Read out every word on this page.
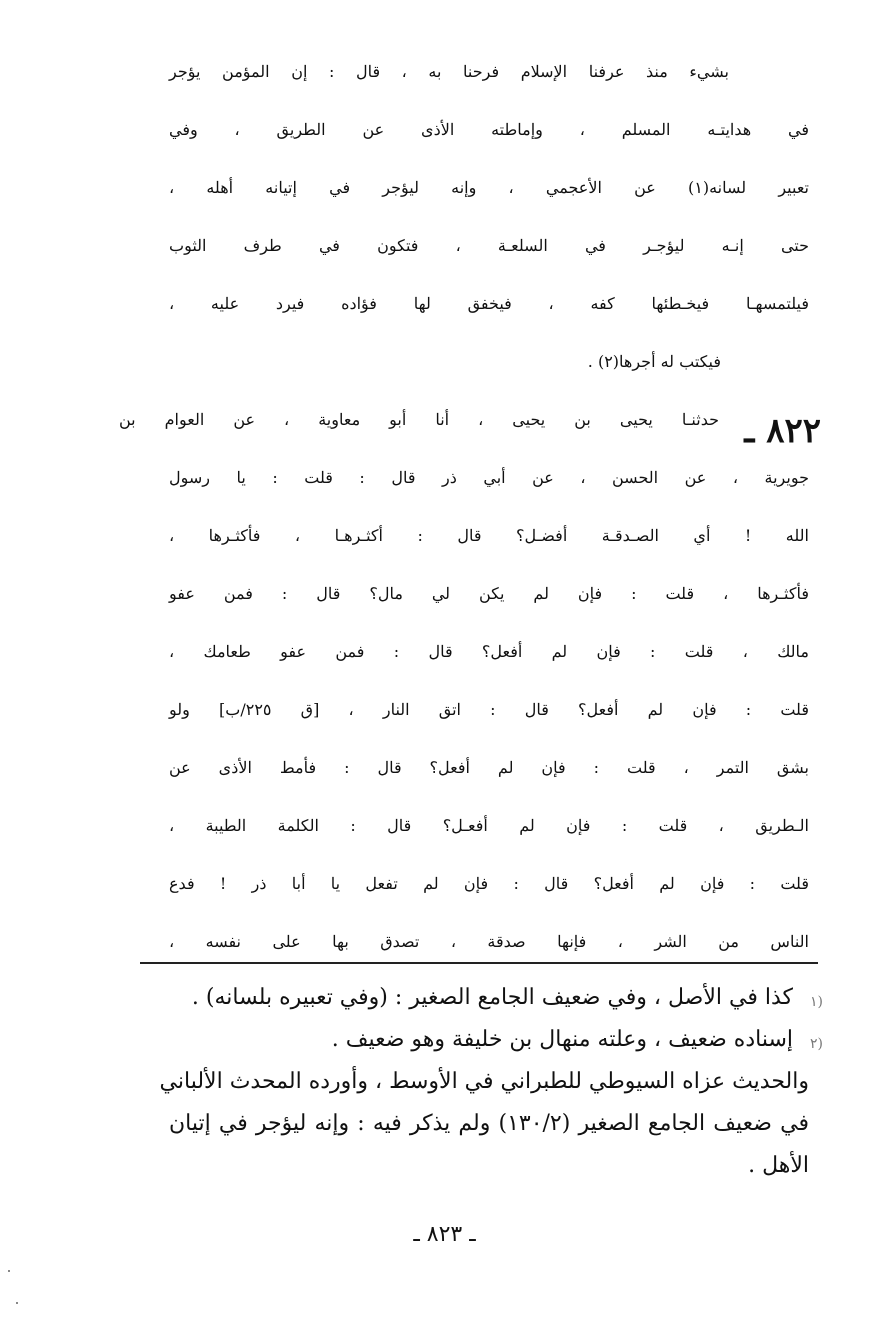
بشيء منذ عرفنا الإسلام فرحنا به ، قال : إن المؤمن يؤجر
في هدايتـه المسلم ، وإماطته الأذى عن الطريق ، وفي
تعبير لسانه(١) عن الأعجمي ، وإنه ليؤجر في إتيانه أهله ،
حتى إنـه ليؤجـر في السلعـة ، فتكون في طرف الثوب
فيلتمسهـا فيخـطئها كفه ، فيخفق لها فؤاده فيرد عليه ،
فيكتب له أجرها(٢) .
٨٢٢ ـ
حدثنـا يحيى بن يحيى ، أنا أبو معاوية ، عن العوام بن
جويرية ، عن الحسن ، عن أبي ذر قال : قلت : يا رسول
الله ! أي الصـدقـة أفضـل؟ قال : أكثـرهـا ، فأكثـرها ،
فأكثـرها ، قلت : فإن لم يكن لي مال؟ قال : فمن عفو
مالك ، قلت : فإن لم أفعل؟ قال : فمن عفو طعامك ،
قلت : فإن لم أفعل؟ قال : اتق النار ، [ق ٢٢٥/ب] ولو
بشق التمر ، قلت : فإن لم أفعل؟ قال : فأمط الأذى عن
الـطريق ، قلت : فإن لم أفعـل؟ قال : الكلمة الطيبة ،
قلت : فإن لم أفعل؟ قال : فإن لم تفعل يا أبا ذر ! فدع
الناس من الشر ، فإنها صدقة ، تصدق بها على نفسه ،
١)
كذا في الأصل ، وفي ضعيف الجامع الصغير : (وفي تعبيره بلسانه) .
٢)
إسناده ضعيف ، وعلته منهال بن خليفة وهو ضعيف .
والحديث عزاه السيوطي للطبراني في الأوسط ، وأورده المحدث الألباني
في ضعيف الجامع الصغير (١٣٠/٢) ولم يذكر فيه : وإنه ليؤجر في إتيان
الأهل .
ـ ٨٢٣ ـ
